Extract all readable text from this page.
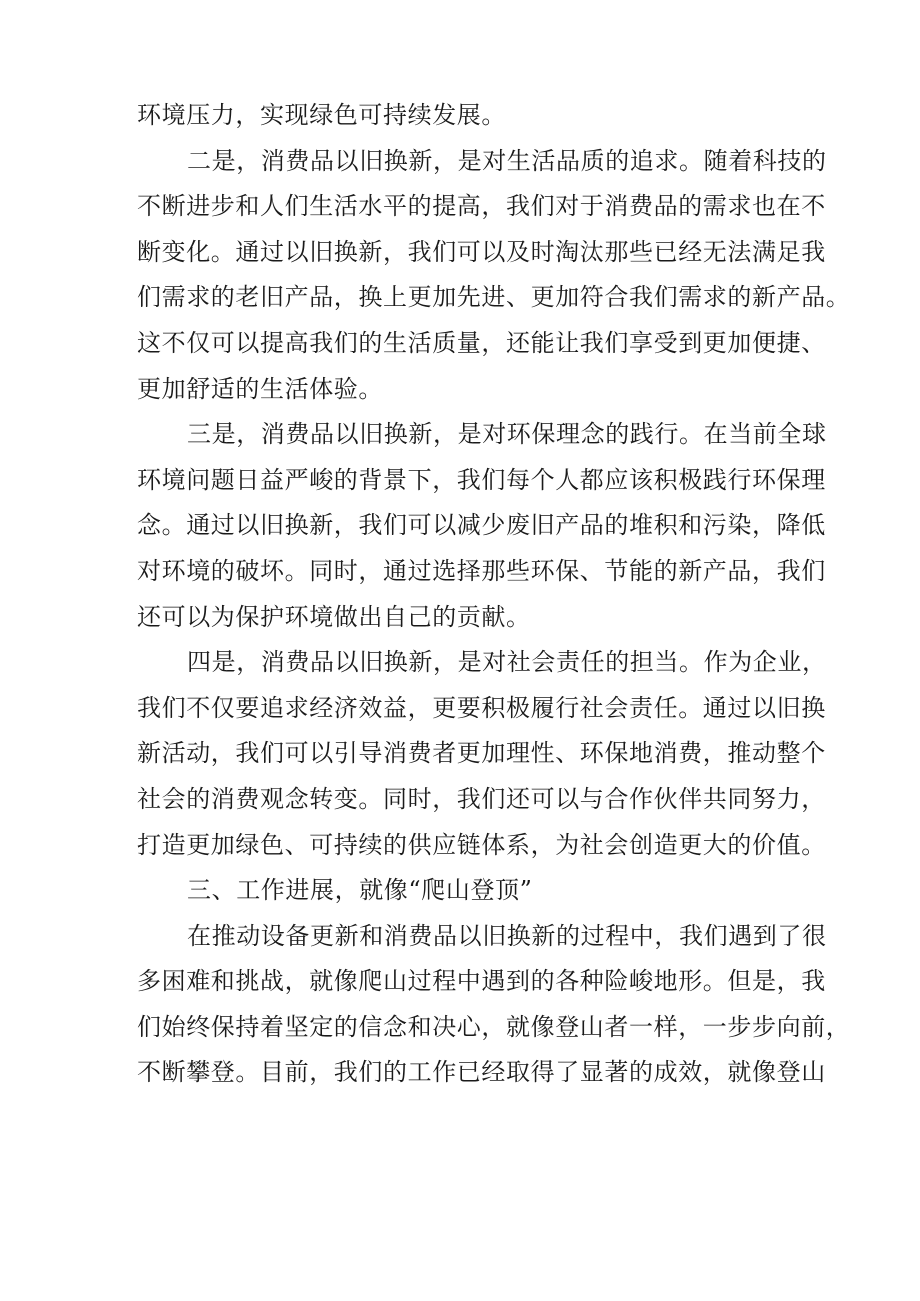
环境压力，实现绿色可持续发展。
二是，消费品以旧换新，是对生活品质的追求。随着科技的
不断进步和人们生活水平的提高，我们对于消费品的需求也在不
断变化。通过以旧换新，我们可以及时淘汰那些已经无法满足我
们需求的老旧产品，换上更加先进、更加符合我们需求的新产品。
这不仅可以提高我们的生活质量，还能让我们享受到更加便捷、
更加舒适的生活体验。
三是，消费品以旧换新，是对环保理念的践行。在当前全球
环境问题日益严峻的背景下，我们每个人都应该积极践行环保理
念。通过以旧换新，我们可以减少废旧产品的堆积和污染，降低
对环境的破坏。同时，通过选择那些环保、节能的新产品，我们
还可以为保护环境做出自己的贡献。
四是，消费品以旧换新，是对社会责任的担当。作为企业，
我们不仅要追求经济效益，更要积极履行社会责任。通过以旧换
新活动，我们可以引导消费者更加理性、环保地消费，推动整个
社会的消费观念转变。同时，我们还可以与合作伙伴共同努力，
打造更加绿色、可持续的供应链体系，为社会创造更大的价值。
三、工作进展，就像“爬山登顶”
在推动设备更新和消费品以旧换新的过程中，我们遇到了很
多困难和挑战，就像爬山过程中遇到的各种险峻地形。但是，我
们始终保持着坚定的信念和决心，就像登山者一样，一步步向前，
不断攀登。目前，我们的工作已经取得了显著的成效，就像登山
